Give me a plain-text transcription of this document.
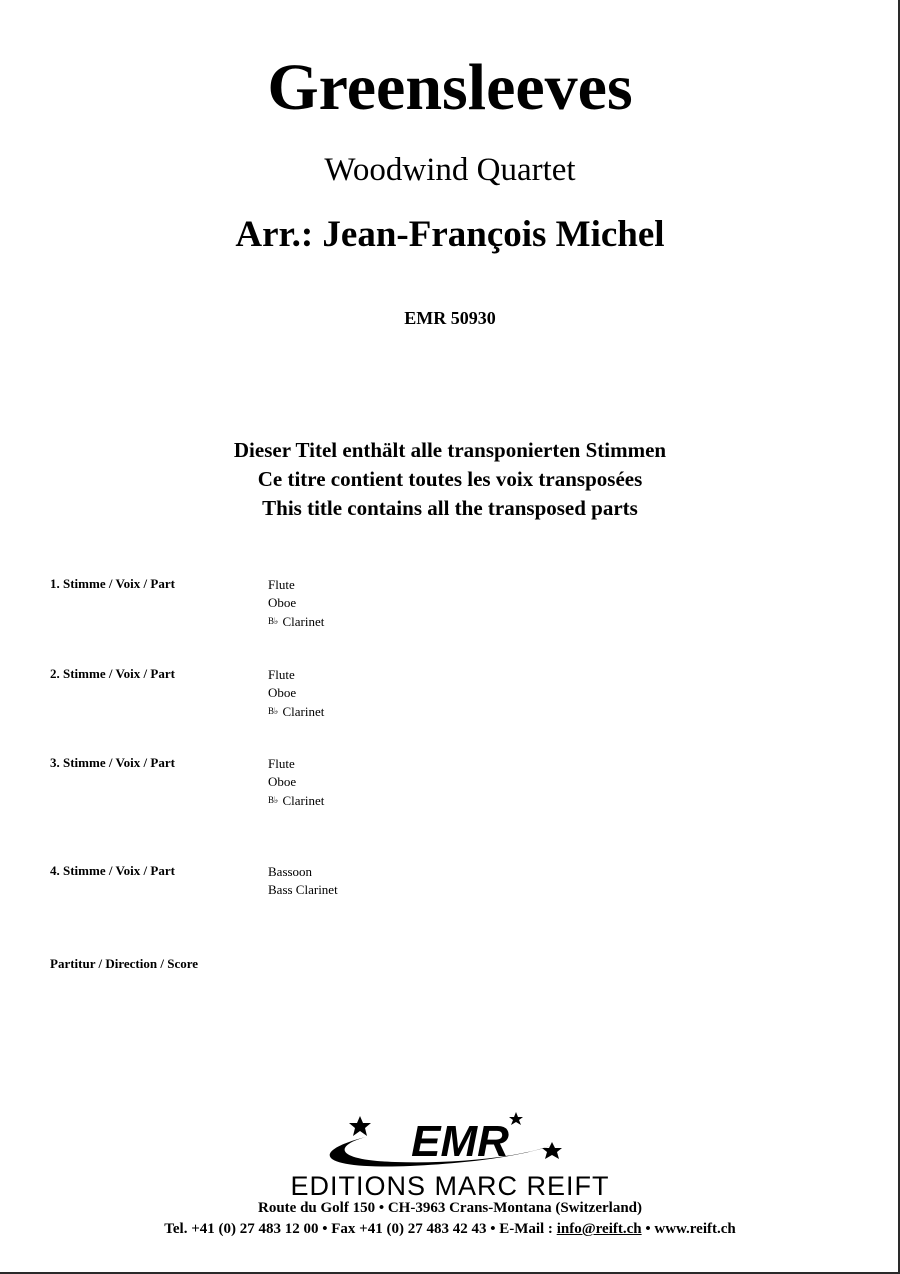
Greensleeves
Woodwind Quartet
Arr.: Jean-François Michel
EMR 50930
Dieser Titel enthält alle transponierten Stimmen
Ce titre contient toutes les voix transposées
This title contains all the transposed parts
1. Stimme / Voix / Part	Flute
Oboe
B♭ Clarinet
2. Stimme / Voix / Part	Flute
Oboe
B♭ Clarinet
3. Stimme / Voix / Part	Flute
Oboe
B♭ Clarinet
4. Stimme / Voix / Part	Bassoon
Bass Clarinet
Partitur / Direction / Score
EMR
EDITIONS MARC REIFT
Route du Golf 150 • CH-3963 Crans-Montana (Switzerland)
Tel. +41 (0) 27 483 12 00 • Fax +41 (0) 27 483 42 43 • E-Mail : info@reift.ch • www.reift.ch
